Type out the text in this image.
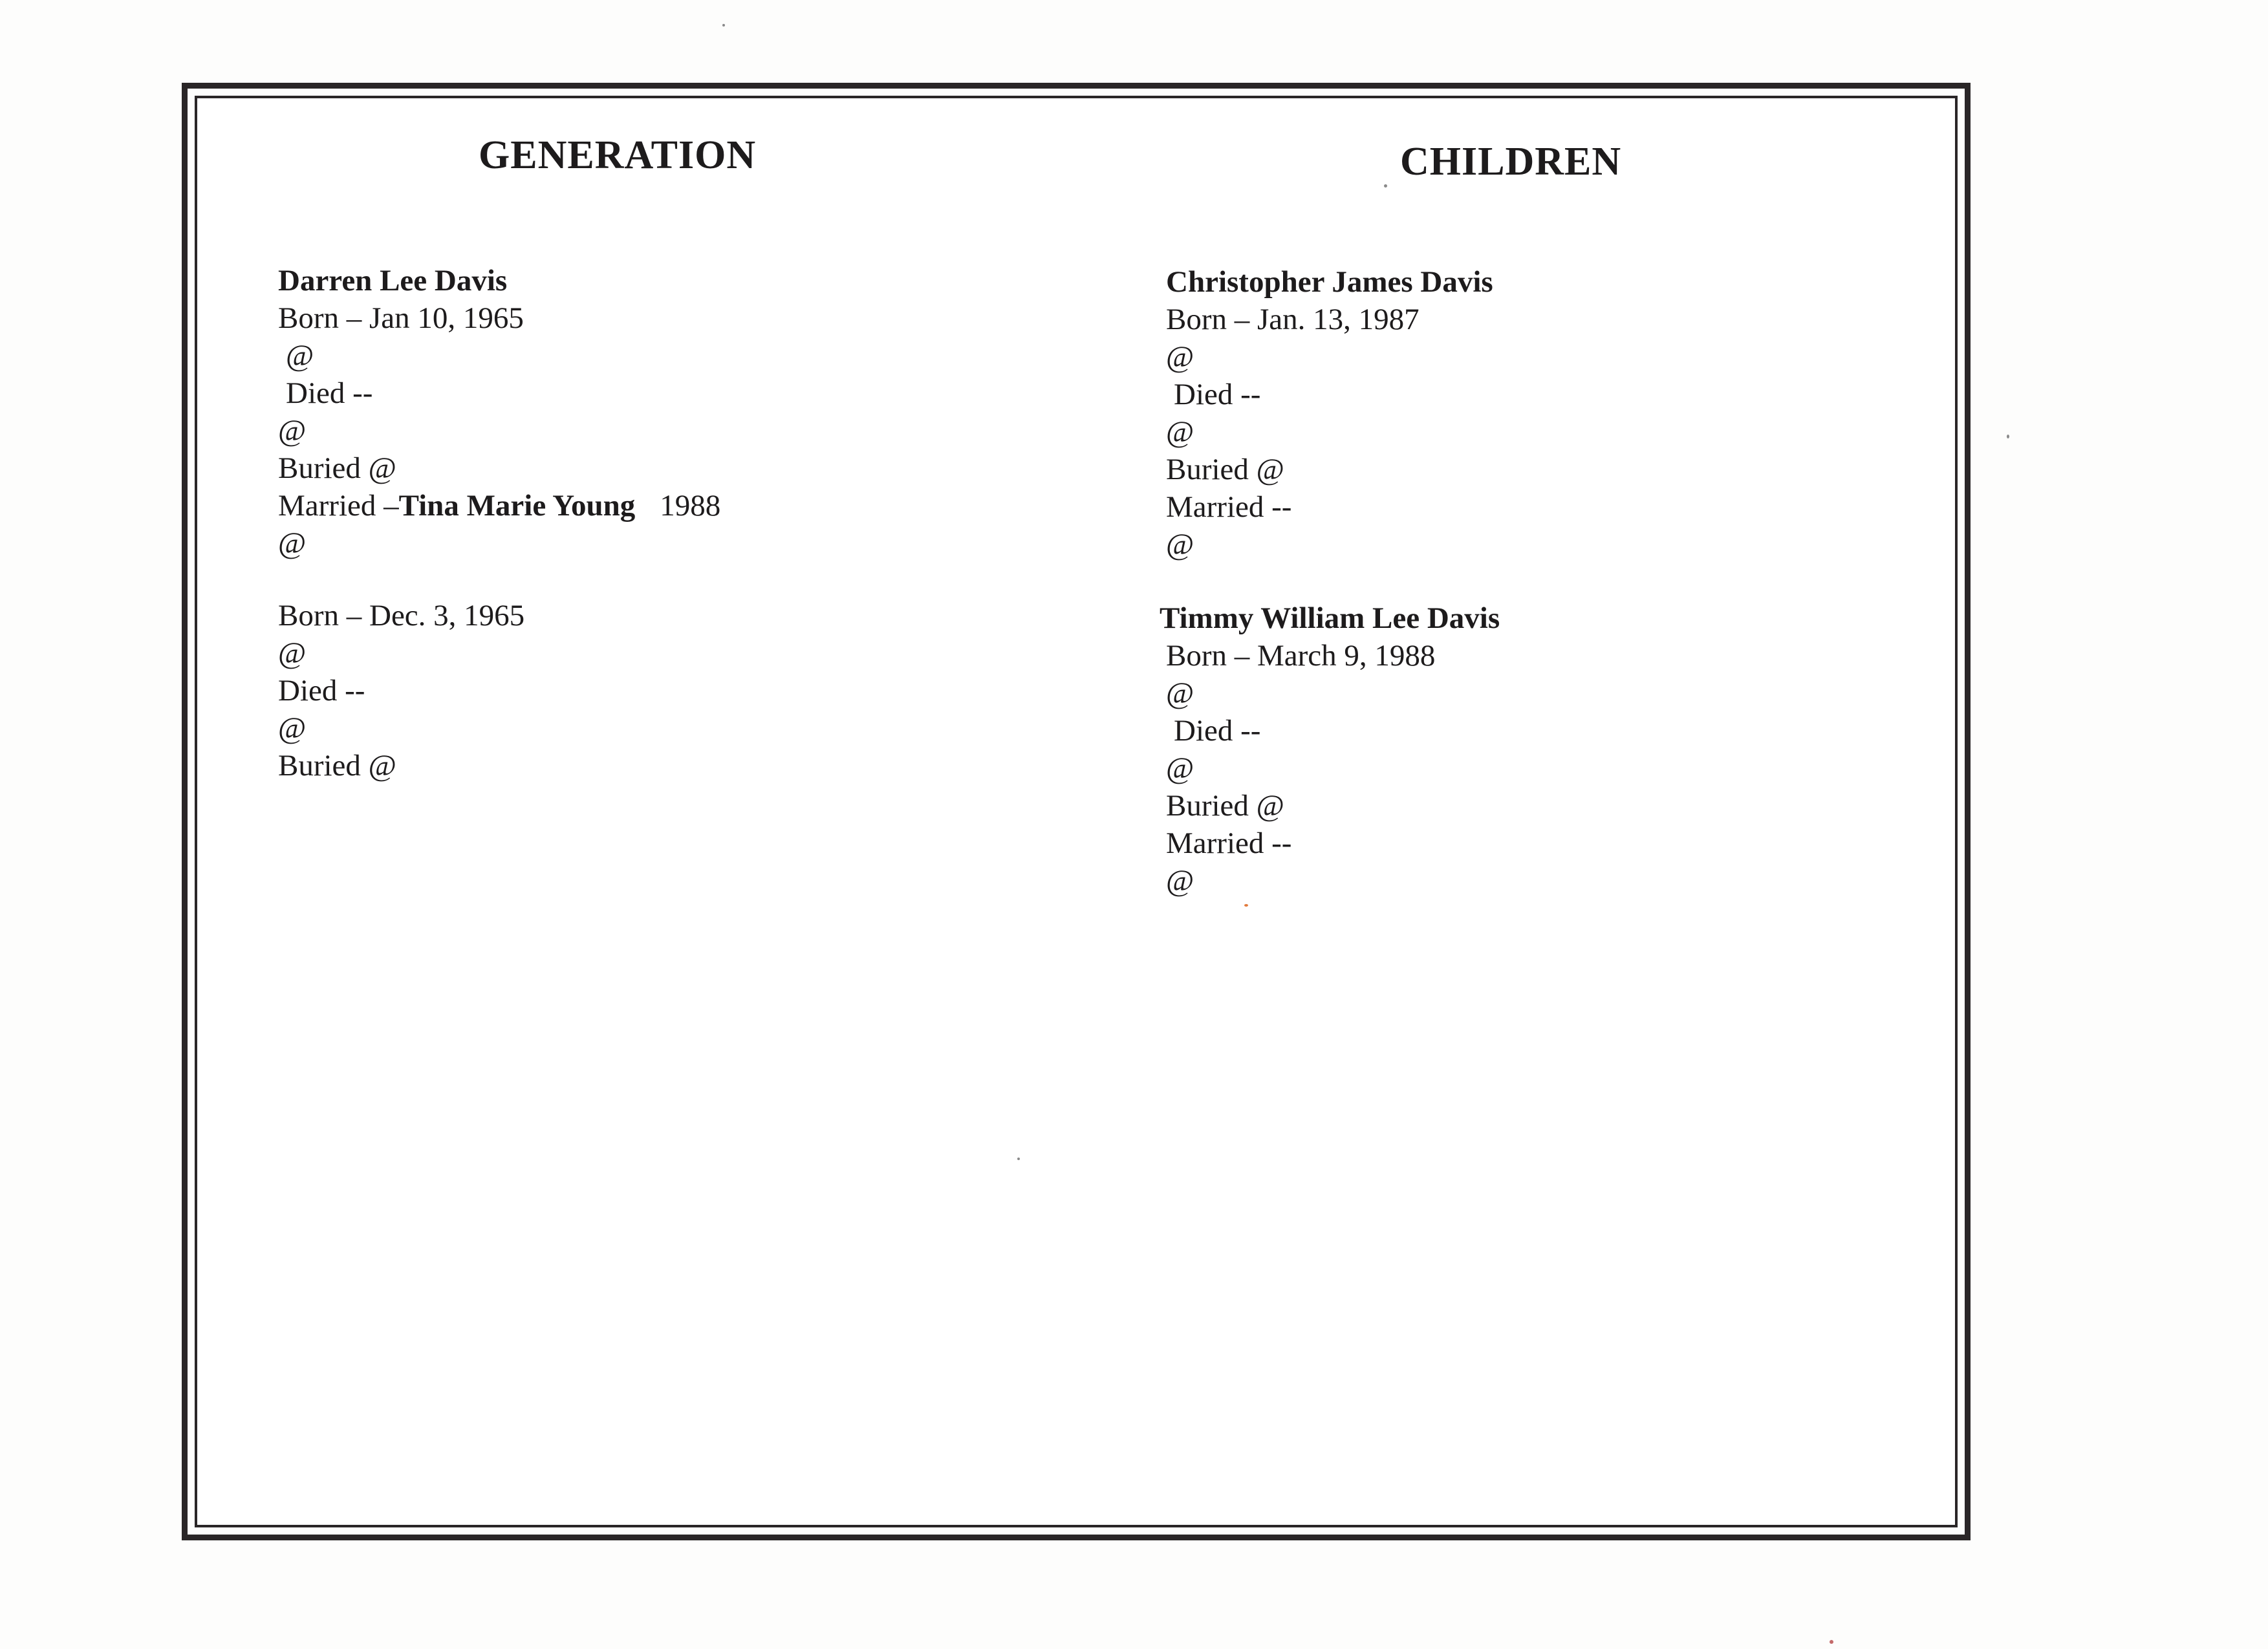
GENERATION	CHILDREN
Darren Lee Davis
Born – Jan 10, 1965
@
Died --
@
Buried @
Married –Tina Marie Young 1988
@
Born – Dec. 3, 1965
@
Died --
@
Buried @
Christopher James Davis
Born – Jan. 13, 1987
@
Died --
@
Buried @
Married --
@
Timmy William Lee Davis
Born – March 9, 1988
@
Died --
@
Buried @
Married --
@
